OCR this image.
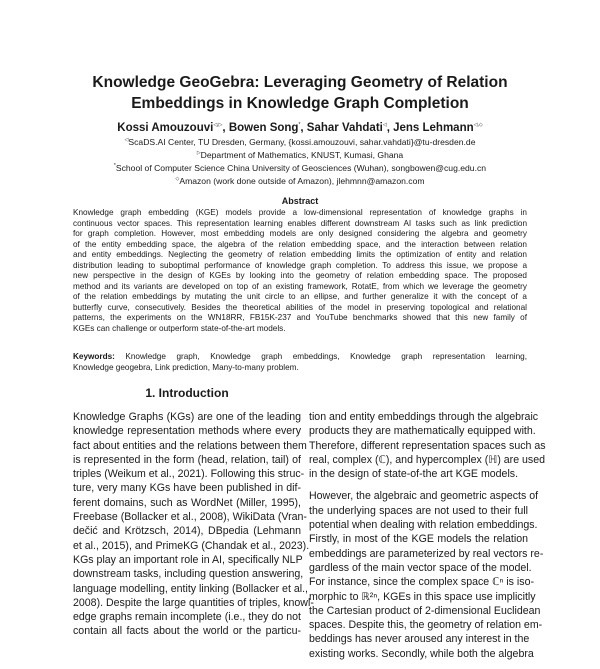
Knowledge GeoGebra: Leveraging Geometry of Relation
Embeddings in Knowledge Graph Completion
Kossi Amouzouvi◁,▷, Bowen Song*, Sahar Vahdati◁, Jens Lehmann◁,◇
◁ScaDS.AI Center, TU Dresden, Germany, {kossi.amouzouvi, sahar.vahdati}@tu-dresden.de
▷Department of Mathematics, KNUST, Kumasi, Ghana
*School of Computer Science China University of Geosciences (Wuhan), songbowen@cug.edu.cn
◇Amazon (work done outside of Amazon), jlehmnn@amazon.com
Abstract
Knowledge graph embedding (KGE) models provide a low-dimensional representation of knowledge graphs in
continuous vector spaces. This representation learning enables different downstream AI tasks such as link prediction
for graph completion. However, most embedding models are only designed considering the algebra and geometry
of the entity embedding space, the algebra of the relation embedding space, and the interaction between relation
and entity embeddings. Neglecting the geometry of relation embedding limits the optimization of entity and relation
distribution leading to suboptimal performance of knowledge graph completion. To address this issue, we propose a
new perspective in the design of KGEs by looking into the geometry of relation embedding space. The proposed
method and its variants are developed on top of an existing framework, RotatE, from which we leverage the geometry
of the relation embeddings by mutating the unit circle to an ellipse, and further generalize it with the concept of a
butterfly curve, consecutively. Besides the theoretical abilities of the model in preserving topological and relational
patterns, the experiments on the WN18RR, FB15K-237 and YouTube benchmarks showed that this new family of
KGEs can challenge or outperform state-of-the-art models.
Keywords: Knowledge graph, Knowledge graph embeddings, Knowledge graph representation learning,
Knowledge geogebra, Link prediction, Many-to-many problem.
1. Introduction
Knowledge Graphs (KGs) are one of the leading
knowledge representation methods where every
fact about entities and the relations between them
is represented in the form (head, relation, tail) of
triples (Weikum et al., 2021). Following this struc-
ture, very many KGs have been published in dif-
ferent domains, such as WordNet (Miller, 1995),
Freebase (Bollacker et al., 2008), WikiData (Vran-
dečić and Krötzsch, 2014), DBpedia (Lehmann
et al., 2015), and PrimeKG (Chandak et al., 2023).
KGs play an important role in AI, specifically NLP
downstream tasks, including question answering,
language modelling, entity linking (Bollacker et al.,
2008). Despite the large quantities of triples, knowl-
edge graphs remain incomplete (i.e., they do not
contain all facts about the world or the particu-
tion and entity embeddings through the algebraic
products they are mathematically equipped with.
Therefore, different representation spaces such as
real, complex (ℂ), and hypercomplex (ℍ) are used
in the design of state-of-the art KGE models.
However, the algebraic and geometric aspects of
the underlying spaces are not used to their full
potential when dealing with relation embeddings.
Firstly, in most of the KGE models the relation
embeddings are parameterized by real vectors re-
gardless of the main vector space of the model.
For instance, since the complex space ℂⁿ is iso-
morphic to ℝ²ⁿ, KGEs in this space use implicitly
the Cartesian product of 2-dimensional Euclidean
spaces. Despite this, the geometry of relation em-
beddings has never aroused any interest in the
existing works. Secondly, while both the algebra
